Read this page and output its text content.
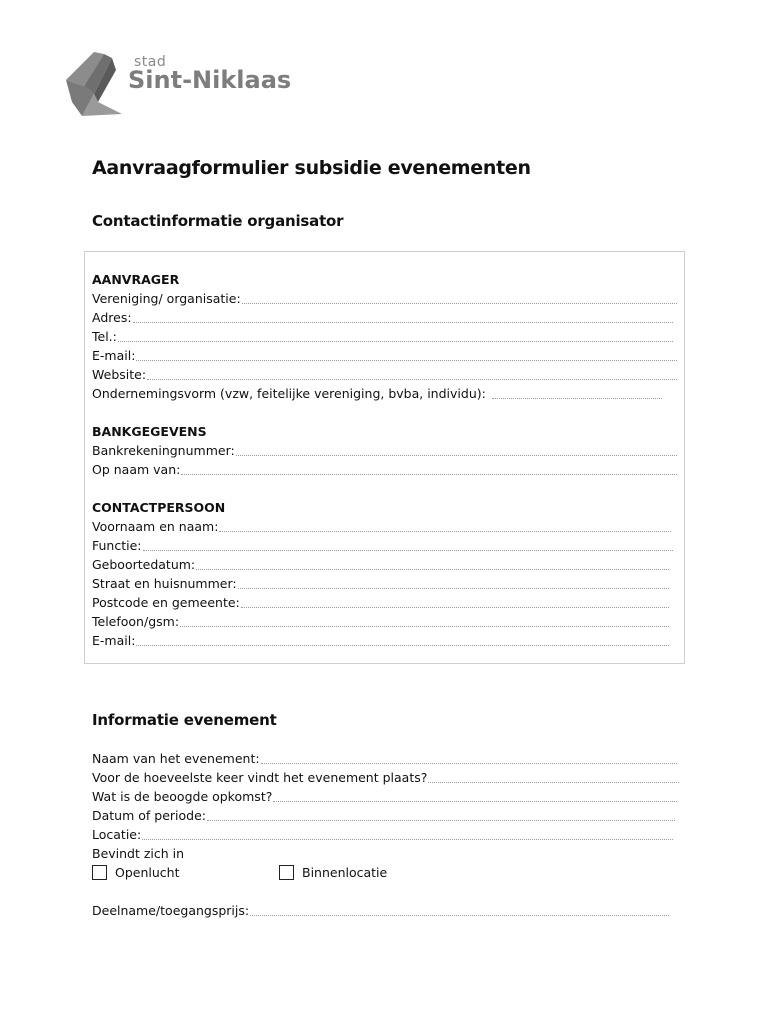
stad
Sint-Niklaas
Aanvraagformulier subsidie evenementen
Contactinformatie organisator
AANVRAGER
Vereniging/ organisatie:
Adres:
Tel.:
E-mail:
Website:
Ondernemingsvorm (vzw, feitelijke vereniging, bvba, individu):
BANKGEGEVENS
Bankrekeningnummer:
Op naam van:
CONTACTPERSOON
Voornaam en naam:
Functie:
Geboortedatum:
Straat en huisnummer:
Postcode en gemeente:
Telefoon/gsm:
E-mail:
Informatie evenement
Naam van het evenement:
Voor de hoeveelste keer vindt het evenement plaats?
Wat is de beoogde opkomst?
Datum of periode:
Locatie:
Bevindt zich in
Openlucht	Binnenlocatie
Deelname/toegangsprijs:
